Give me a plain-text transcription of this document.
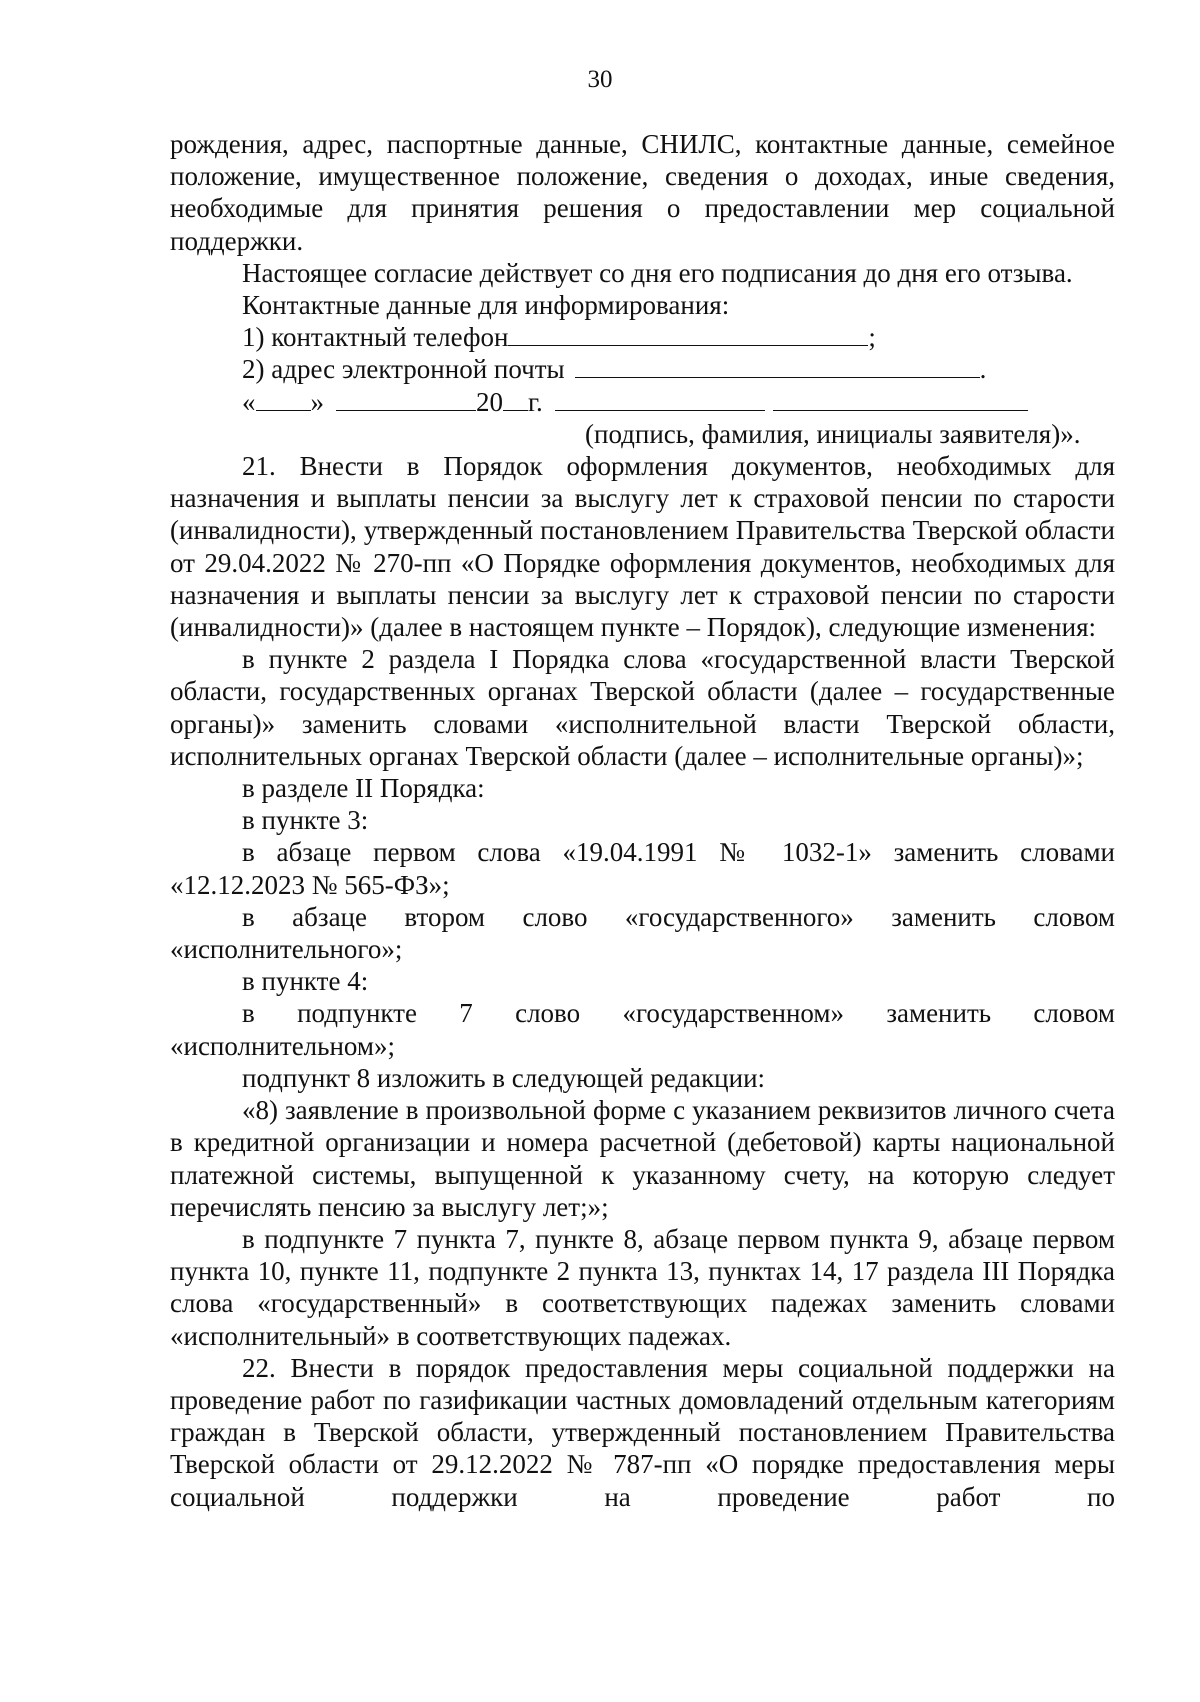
30

рождения, адрес, паспортные данные, СНИЛС, контактные данные, семейное положение, имущественное положение, сведения о доходах, иные сведения, необходимые для принятия решения о предоставлении мер социальной поддержки.

Настоящее согласие действует со дня его подписания до дня его отзыва.

Контактные данные для информирования:

1) контактный телефон	;
2) адрес электронной почты	.
« »	20 г.

(подпись, фамилия, инициалы заявителя)».

21. Внести в Порядок оформления документов, необходимых для назначения и выплаты пенсии за выслугу лет к страховой пенсии по старости (инвалидности), утвержденный постановлением Правительства Тверской области от 29.04.2022 № 270-пп «О Порядке оформления документов, необходимых для назначения и выплаты пенсии за выслугу лет к страховой пенсии по старости (инвалидности)» (далее в настоящем пункте – Порядок), следующие изменения:

в пункте 2 раздела I Порядка слова «государственной власти Тверской области, государственных органах Тверской области (далее – государственные органы)» заменить словами «исполнительной власти Тверской области, исполнительных органах Тверской области (далее – исполнительные органы)»;

в разделе II Порядка:

в пункте 3:

в абзаце первом слова «19.04.1991 № 1032-1» заменить словами «12.12.2023 № 565-ФЗ»;

в абзаце втором слово «государственного» заменить словом «исполнительного»;

в пункте 4:

в подпункте 7 слово «государственном» заменить словом «исполнительном»;

подпункт 8 изложить в следующей редакции:

«8) заявление в произвольной форме с указанием реквизитов личного счета в кредитной организации и номера расчетной (дебетовой) карты национальной платежной системы, выпущенной к указанному счету, на которую следует перечислять пенсию за выслугу лет;»;

в подпункте 7 пункта 7, пункте 8, абзаце первом пункта 9, абзаце первом пункта 10, пункте 11, подпункте 2 пункта 13, пунктах 14, 17 раздела III Порядка слова «государственный» в соответствующих падежах заменить словами «исполнительный» в соответствующих падежах.

22. Внести в порядок предоставления меры социальной поддержки на проведение работ по газификации частных домовладений отдельным категориям граждан в Тверской области, утвержденный постановлением Правительства Тверской области от 29.12.2022 № 787-пп «О порядке предоставления меры социальной поддержки на проведение работ по
